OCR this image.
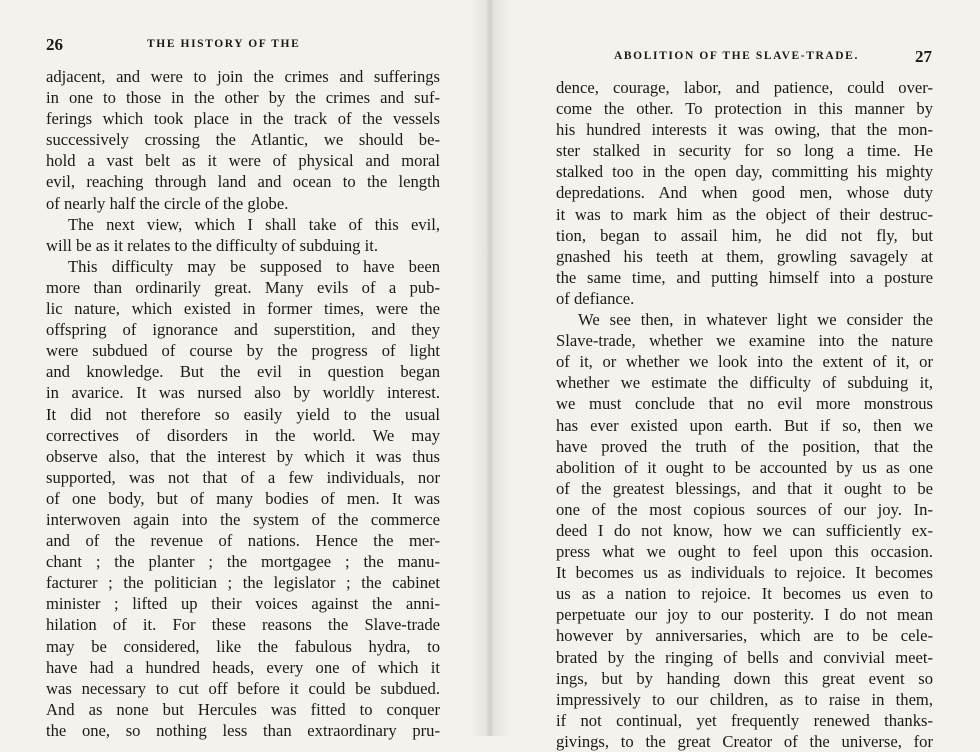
26	THE HISTORY OF THE
adjacent, and were to join the crimes and sufferings
in one to those in the other by the crimes and suf-
ferings which took place in the track of the vessels
successively crossing the Atlantic, we should be-
hold a vast belt as it were of physical and moral
evil, reaching through land and ocean to the length
of nearly half the circle of the globe.
The next view, which I shall take of this evil,
will be as it relates to the difficulty of subduing it.
This difficulty may be supposed to have been
more than ordinarily great. Many evils of a pub-
lic nature, which existed in former times, were the
offspring of ignorance and superstition, and they
were subdued of course by the progress of light
and knowledge. But the evil in question began
in avarice. It was nursed also by worldly interest.
It did not therefore so easily yield to the usual
correctives of disorders in the world. We may
observe also, that the interest by which it was thus
supported, was not that of a few individuals, nor
of one body, but of many bodies of men. It was
interwoven again into the system of the commerce
and of the revenue of nations. Hence the mer-
chant ; the planter ; the mortgagee ; the manu-
facturer ; the politician ; the legislator ; the cabinet
minister ; lifted up their voices against the anni-
hilation of it. For these reasons the Slave-trade
may be considered, like the fabulous hydra, to
have had a hundred heads, every one of which it
was necessary to cut off before it could be subdued.
And as none but Hercules was fitted to conquer
the one, so nothing less than extraordinary pru-
ABOLITION OF THE SLAVE-TRADE.	27
dence, courage, labor, and patience, could over-
come the other. To protection in this manner by
his hundred interests it was owing, that the mon-
ster stalked in security for so long a time. He
stalked too in the open day, committing his mighty
depredations. And when good men, whose duty
it was to mark him as the object of their destruc-
tion, began to assail him, he did not fly, but
gnashed his teeth at them, growling savagely at
the same time, and putting himself into a posture
of defiance.
We see then, in whatever light we consider the
Slave-trade, whether we examine into the nature
of it, or whether we look into the extent of it, or
whether we estimate the difficulty of subduing it,
we must conclude that no evil more monstrous
has ever existed upon earth. But if so, then we
have proved the truth of the position, that the
abolition of it ought to be accounted by us as one
of the greatest blessings, and that it ought to be
one of the most copious sources of our joy. In-
deed I do not know, how we can sufficiently ex-
press what we ought to feel upon this occasion.
It becomes us as individuals to rejoice. It becomes
us as a nation to rejoice. It becomes us even to
perpetuate our joy to our posterity. I do not mean
however by anniversaries, which are to be cele-
brated by the ringing of bells and convivial meet-
ings, but by handing down this great event so
impressively to our children, as to raise in them,
if not continual, yet frequently renewed thanks-
givings, to the great Creator of the universe, for
